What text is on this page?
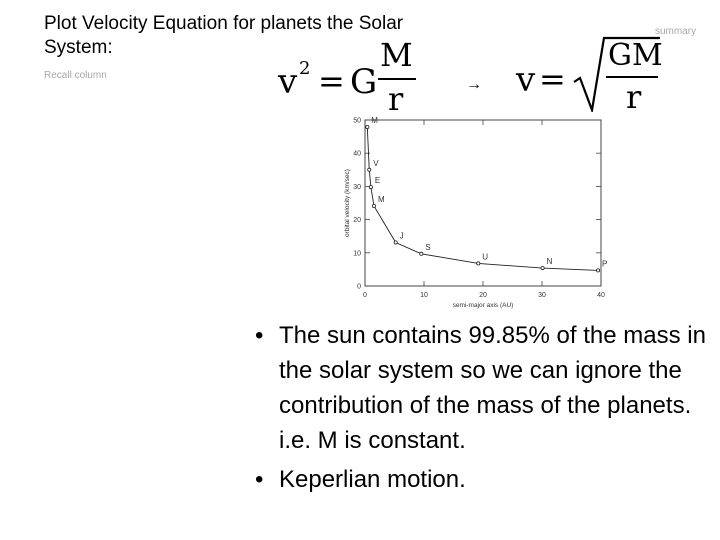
Plot Velocity Equation for planets the Solar System:
summary
Recall column	v 2 = G
M
r	→ v =
GM
r
0	10	20	30	40
0
10
20
30
40
50
semi-major axis (AU)
orbital velocity (km/sec)
M
V
E
M
J
S
U
N	P
• The sun contains 99.85% of the mass in the solar system so we can ignore the contribution of the mass of the planets. i.e. M is constant.
• Keperlian motion.
